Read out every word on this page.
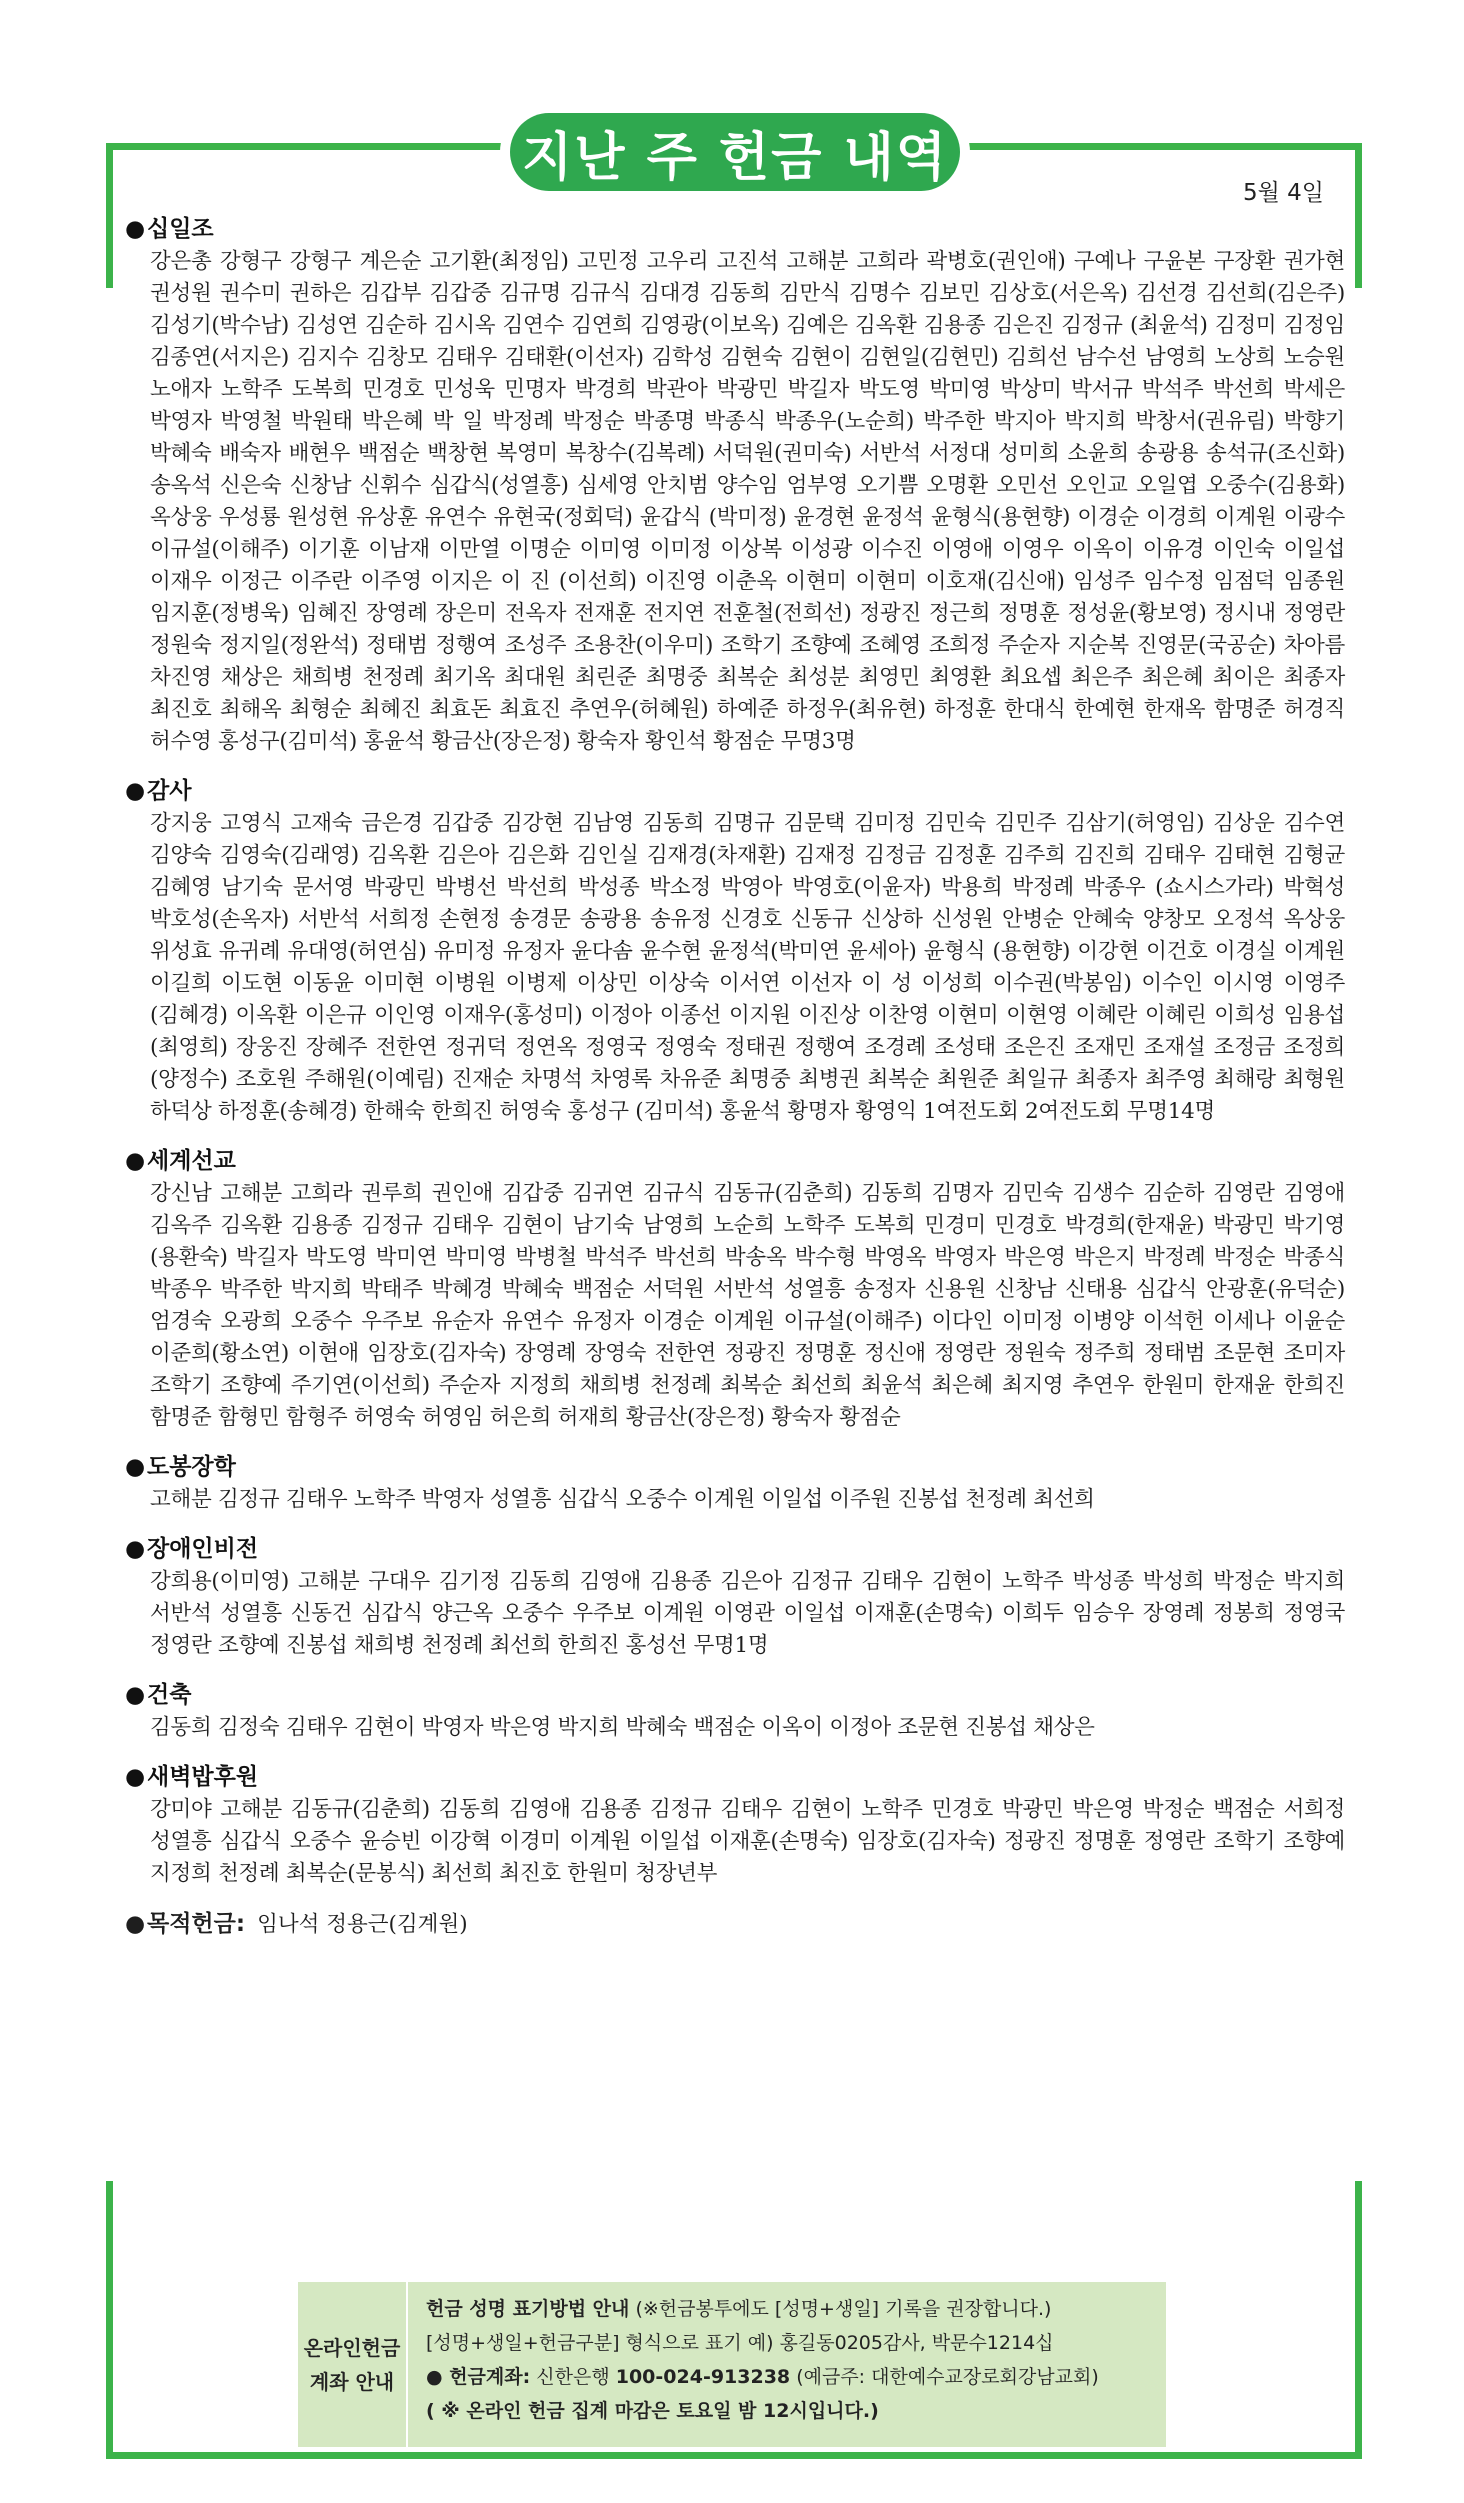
지난 주 헌금 내역
5월 4일
●십일조
강은총 강형구 강형구 계은순 고기환(최정임) 고민정 고우리 고진석 고해분 고희라 곽병호(권인애) 구예나 구윤본 구장환 권가현 권성원 권수미 권하은 김갑부 김갑중 김규명 김규식 김대경 김동희 김만식 김명수 김보민 김상호(서은옥) 김선경 김선희(김은주) 김성기(박수남) 김성연 김순하 김시옥 김연수 김연희 김영광(이보옥) 김예은 김옥환 김용종 김은진 김정규 (최윤석) 김정미 김정임 김종연(서지은) 김지수 김창모 김태우 김태환(이선자) 김학성 김현숙 김현이 김현일(김현민) 김희선 남수선 남영희 노상희 노승원 노애자 노학주 도복희 민경호 민성욱 민명자 박경희 박관아 박광민 박길자 박도영 박미영 박상미 박서규 박석주 박선희 박세은 박영자 박영철 박원태 박은혜 박 일 박정례 박정순 박종명 박종식 박종우(노순희) 박주한 박지아 박지희 박창서(권유림) 박향기 박혜숙 배숙자 배현우 백점순 백창현 복영미 복창수(김복례) 서덕원(권미숙) 서반석 서정대 성미희 소윤희 송광용 송석규(조신화) 송옥석 신은숙 신창남 신휘수 심갑식(성열흥) 심세영 안치범 양수임 엄부영 오기쁨 오명환 오민선 오인교 오일엽 오중수(김용화) 옥상웅 우성룡 원성현 유상훈 유연수 유현국(정회덕) 윤갑식 (박미정) 윤경현 윤정석 윤형식(용현향) 이경순 이경희 이계원 이광수 이규설(이해주) 이기훈 이남재 이만열 이명순 이미영 이미정 이상복 이성광 이수진 이영애 이영우 이옥이 이유경 이인숙 이일섭 이재우 이정근 이주란 이주영 이지은 이 진 (이선희) 이진영 이춘옥 이현미 이현미 이호재(김신애) 임성주 임수정 임점덕 임종원 임지훈(정병욱) 임혜진 장영례 장은미 전옥자 전재훈 전지연 전훈철(전희선) 정광진 정근희 정명훈 정성윤(황보영) 정시내 정영란 정원숙 정지일(정완석) 정태범 정행여 조성주 조용찬(이우미) 조학기 조향예 조혜영 조희정 주순자 지순복 진영문(국공순) 차아름 차진영 채상은 채희병 천정례 최기옥 최대원 최린준 최명중 최복순 최성분 최영민 최영환 최요셉 최은주 최은혜 최이은 최종자 최진호 최해옥 최형순 최혜진 최효돈 최효진 추연우(허혜원) 하예준 하정우(최유현) 하정훈 한대식 한예현 한재옥 함명준 허경직 허수영 홍성구(김미석) 홍윤석 황금산(장은정) 황숙자 황인석 황점순 무명3명
●감사
강지웅 고영식 고재숙 금은경 김갑중 김강현 김남영 김동희 김명규 김문택 김미정 김민숙 김민주 김삼기(허영임) 김상운 김수연 김양숙 김영숙(김래영) 김옥환 김은아 김은화 김인실 김재경(차재환) 김재정 김정금 김정훈 김주희 김진희 김태우 김태현 김형균 김혜영 남기숙 문서영 박광민 박병선 박선희 박성종 박소정 박영아 박영호(이윤자) 박용희 박정례 박종우 (쇼시스가라) 박혁성 박호성(손옥자) 서반석 서희정 손현정 송경문 송광용 송유정 신경호 신동규 신상하 신성원 안병순 안혜숙 양창모 오정석 옥상웅 위성효 유귀례 유대영(허연심) 유미정 유정자 윤다솜 윤수현 윤정석(박미연 윤세아) 윤형식 (용현향) 이강현 이건호 이경실 이계원 이길희 이도현 이동윤 이미현 이병원 이병제 이상민 이상숙 이서연 이선자 이 성 이성희 이수권(박봉임) 이수인 이시영 이영주(김혜경) 이옥환 이은규 이인영 이재우(홍성미) 이정아 이종선 이지원 이진상 이찬영 이현미 이현영 이혜란 이혜린 이희성 임용섭(최영희) 장웅진 장혜주 전한연 정귀덕 정연옥 정영국 정영숙 정태권 정행여 조경례 조성태 조은진 조재민 조재설 조정금 조정희(양정수) 조호원 주해원(이예림) 진재순 차명석 차영록 차유준 최명중 최병권 최복순 최원준 최일규 최종자 최주영 최해랑 최형원 하덕상 하정훈(송혜경) 한해숙 한희진 허영숙 홍성구 (김미석) 홍윤석 황명자 황영익 1여전도회 2여전도회 무명14명
●세계선교
강신남 고해분 고희라 권루희 권인애 김갑중 김귀연 김규식 김동규(김춘희) 김동희 김명자 김민숙 김생수 김순하 김영란 김영애 김옥주 김옥환 김용종 김정규 김태우 김현이 남기숙 남영희 노순희 노학주 도복희 민경미 민경호 박경희(한재윤) 박광민 박기영(용환숙) 박길자 박도영 박미연 박미영 박병철 박석주 박선희 박송옥 박수형 박영옥 박영자 박은영 박은지 박정례 박정순 박종식 박종우 박주한 박지희 박태주 박혜경 박혜숙 백점순 서덕원 서반석 성열흥 송정자 신용원 신창남 신태용 심갑식 안광훈(유덕순) 엄경숙 오광희 오중수 우주보 유순자 유연수 유정자 이경순 이계원 이규설(이해주) 이다인 이미정 이병양 이석헌 이세나 이윤순 이준희(황소연) 이현애 임장호(김자숙) 장영례 장영숙 전한연 정광진 정명훈 정신애 정영란 정원숙 정주희 정태범 조문현 조미자 조학기 조향예 주기연(이선희) 주순자 지정희 채희병 천정례 최복순 최선희 최윤석 최은혜 최지영 추연우 한원미 한재윤 한희진 함명준 함형민 함형주 허영숙 허영임 허은희 허재희 황금산(장은정) 황숙자 황점순
●도봉장학
고해분 김정규 김태우 노학주 박영자 성열흥 심갑식 오중수 이계원 이일섭 이주원 진봉섭 천정례 최선희
●장애인비전
강희용(이미영) 고해분 구대우 김기정 김동희 김영애 김용종 김은아 김정규 김태우 김현이 노학주 박성종 박성희 박정순 박지희 서반석 성열흥 신동건 심갑식 양근옥 오중수 우주보 이계원 이영관 이일섭 이재훈(손명숙) 이희두 임승우 장영례 정봉희 정영국 정영란 조향예 진봉섭 채희병 천정례 최선희 한희진 홍성선 무명1명
●건축
김동희 김정숙 김태우 김현이 박영자 박은영 박지희 박혜숙 백점순 이옥이 이정아 조문현 진봉섭 채상은
●새벽밥후원
강미야 고해분 김동규(김춘희) 김동희 김영애 김용종 김정규 김태우 김현이 노학주 민경호 박광민 박은영 박정순 백점순 서희정 성열흥 심갑식 오중수 윤승빈 이강혁 이경미 이계원 이일섭 이재훈(손명숙) 임장호(김자숙) 정광진 정명훈 정영란 조학기 조향예 지정희 천정례 최복순(문봉식) 최선희 최진호 한원미 청장년부
●목적헌금: 임나석 정용근(김계원)
온라인헌금
계좌 안내
헌금 성명 표기방법 안내 (※헌금봉투에도 [성명+생일] 기록을 권장합니다.)
[성명+생일+헌금구분] 형식으로 표기 예) 홍길동0205감사, 박문수1214십
● 헌금계좌: 신한은행 100-024-913238 (예금주: 대한예수교장로회강남교회)
( ※ 온라인 헌금 집계 마감은 토요일 밤 12시입니다.)
